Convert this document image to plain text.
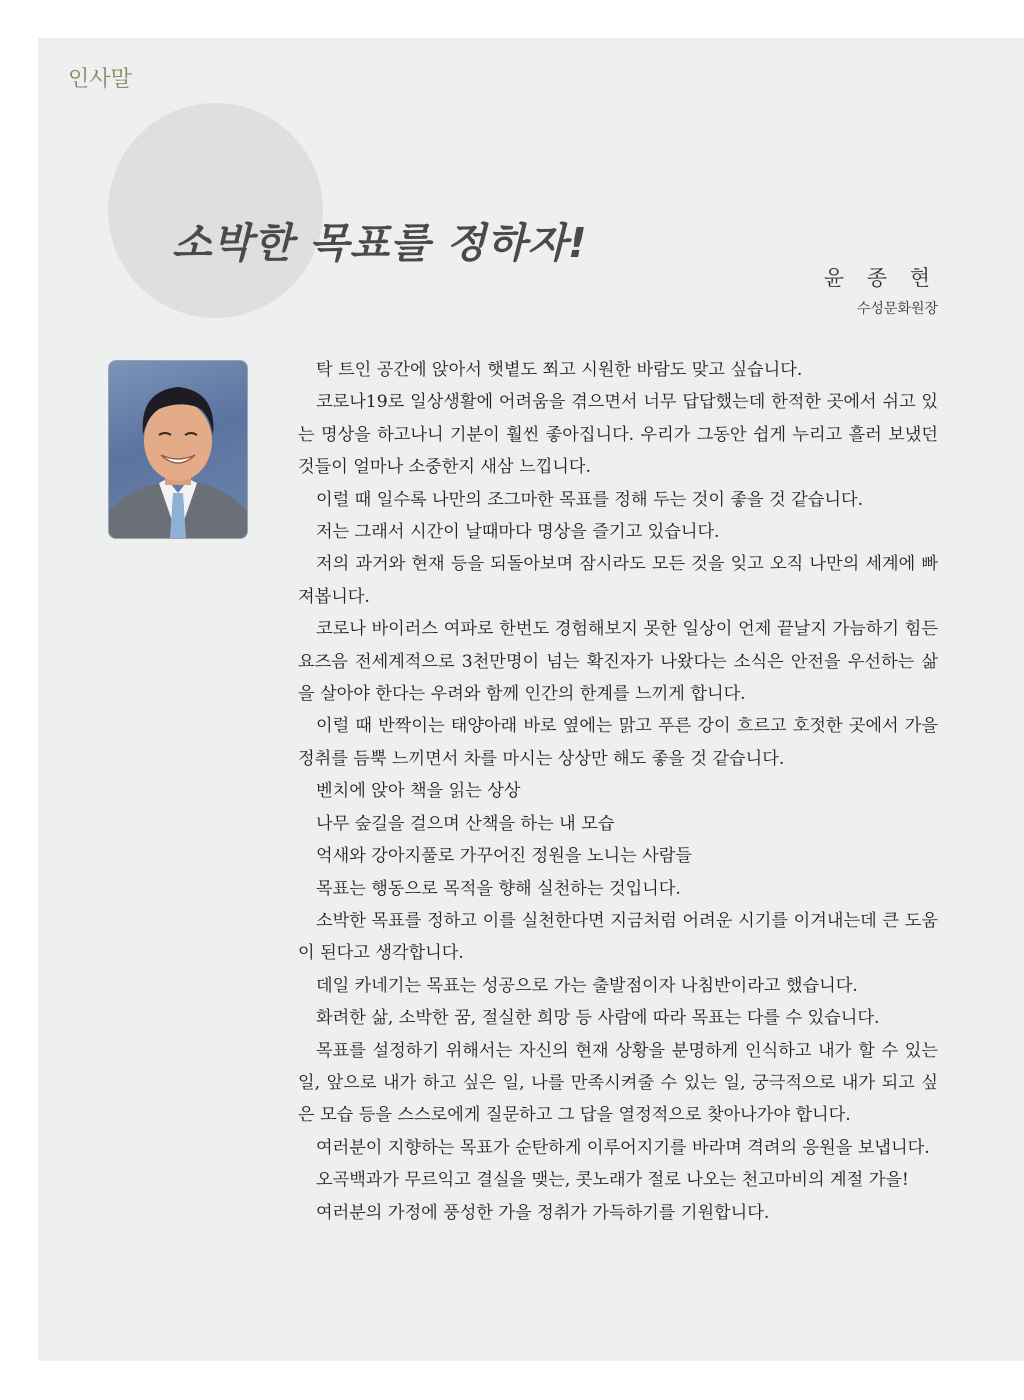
인사말
소박한 목표를 정하자!
윤 종 현
수성문화원장

탁 트인 공간에 앉아서 햇볕도 쬐고 시원한 바람도 맞고 싶습니다.

코로나19로 일상생활에 어려움을 겪으면서 너무 답답했는데 한적한 곳에서 쉬고 있는 명상을 하고나니 기분이 훨씬 좋아집니다. 우리가 그동안 쉽게 누리고 흘러 보냈던 것들이 얼마나 소중한지 새삼 느낍니다.

이럴 때 일수록 나만의 조그마한 목표를 정해 두는 것이 좋을 것 같습니다.

저는 그래서 시간이 날때마다 명상을 즐기고 있습니다.

저의 과거와 현재 등을 되돌아보며 잠시라도 모든 것을 잊고 오직 나만의 세계에 빠져봅니다.

코로나 바이러스 여파로 한번도 경험해보지 못한 일상이 언제 끝날지 가늠하기 힘든 요즈음 전세계적으로 3천만명이 넘는 확진자가 나왔다는 소식은 안전을 우선하는 삶을 살아야 한다는 우려와 함께 인간의 한계를 느끼게 합니다.

이럴 때 반짝이는 태양아래 바로 옆에는 맑고 푸른 강이 흐르고 호젓한 곳에서 가을 정취를 듬뿍 느끼면서 차를 마시는 상상만 해도 좋을 것 같습니다.

벤치에 앉아 책을 읽는 상상

나무 숲길을 걸으며 산책을 하는 내 모습

억새와 강아지풀로 가꾸어진 정원을 노니는 사람들

목표는 행동으로 목적을 향해 실천하는 것입니다.

소박한 목표를 정하고 이를 실천한다면 지금처럼 어려운 시기를 이겨내는데 큰 도움이 된다고 생각합니다.

데일 카네기는 목표는 성공으로 가는 출발점이자 나침반이라고 했습니다.

화려한 삶, 소박한 꿈, 절실한 희망 등 사람에 따라 목표는 다를 수 있습니다.

목표를 설정하기 위해서는 자신의 현재 상황을 분명하게 인식하고 내가 할 수 있는 일, 앞으로 내가 하고 싶은 일, 나를 만족시켜줄 수 있는 일, 궁극적으로 내가 되고 싶은 모습 등을 스스로에게 질문하고 그 답을 열정적으로 찾아나가야 합니다.

여러분이 지향하는 목표가 순탄하게 이루어지기를 바라며 격려의 응원을 보냅니다.

오곡백과가 무르익고 결실을 맺는, 콧노래가 절로 나오는 천고마비의 계절 가을!

여러분의 가정에 풍성한 가을 정취가 가득하기를 기원합니다.
